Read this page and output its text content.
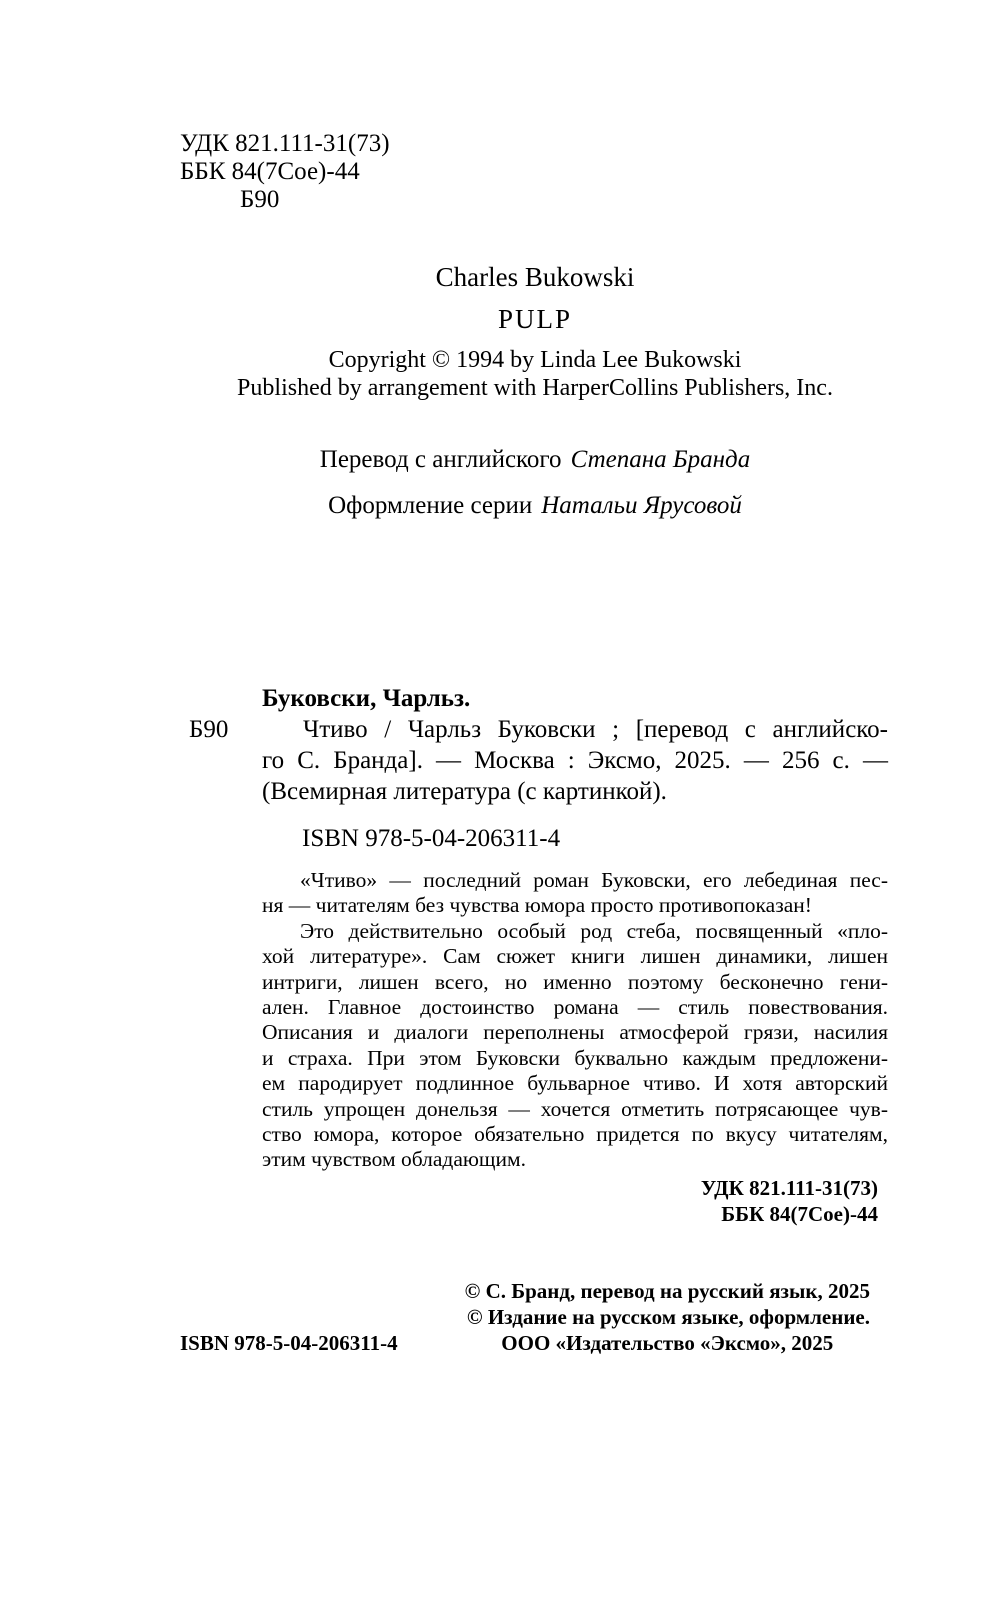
УДК 821.111-31(73)
ББК 84(7Сое)-44
Б90
Charles Bukowski
PULP
Copyright © 1994 by Linda Lee Bukowski
Published by arrangement with HarperCollins Publishers, Inc.
Перевод с английского Степана Бранда
Оформление серии Натальи Ярусовой
Б90
Буковски, Чарльз.
Чтиво / Чарльз Буковски ; [перевод с английско-
го С. Бранда]. — Москва : Эксмо, 2025. — 256 с. —
(Всемирная литература (с картинкой).
ISBN 978-5-04-206311-4
«Чтиво» — последний роман Буковски, его лебединая пес-
ня — читателям без чувства юмора просто противопоказан!
Это действительно особый род стеба, посвященный «пло-
хой литературе». Сам сюжет книги лишен динамики, лишен
интриги, лишен всего, но именно поэтому бесконечно гени-
ален. Главное достоинство романа — стиль повествования.
Описания и диалоги переполнены атмосферой грязи, насилия
и страха. При этом Буковски буквально каждым предложени-
ем пародирует подлинное бульварное чтиво. И хотя авторский
стиль упрощен донельзя — хочется отметить потрясающее чув-
ство юмора, которое обязательно придется по вкусу читателям,
этим чувством обладающим.
УДК 821.111-31(73)
ББК 84(7Сое)-44
© С. Бранд, перевод на русский язык, 2025
© Издание на русском языке, оформление.
ООО «Издательство «Эксмо», 2025
ISBN 978-5-04-206311-4
